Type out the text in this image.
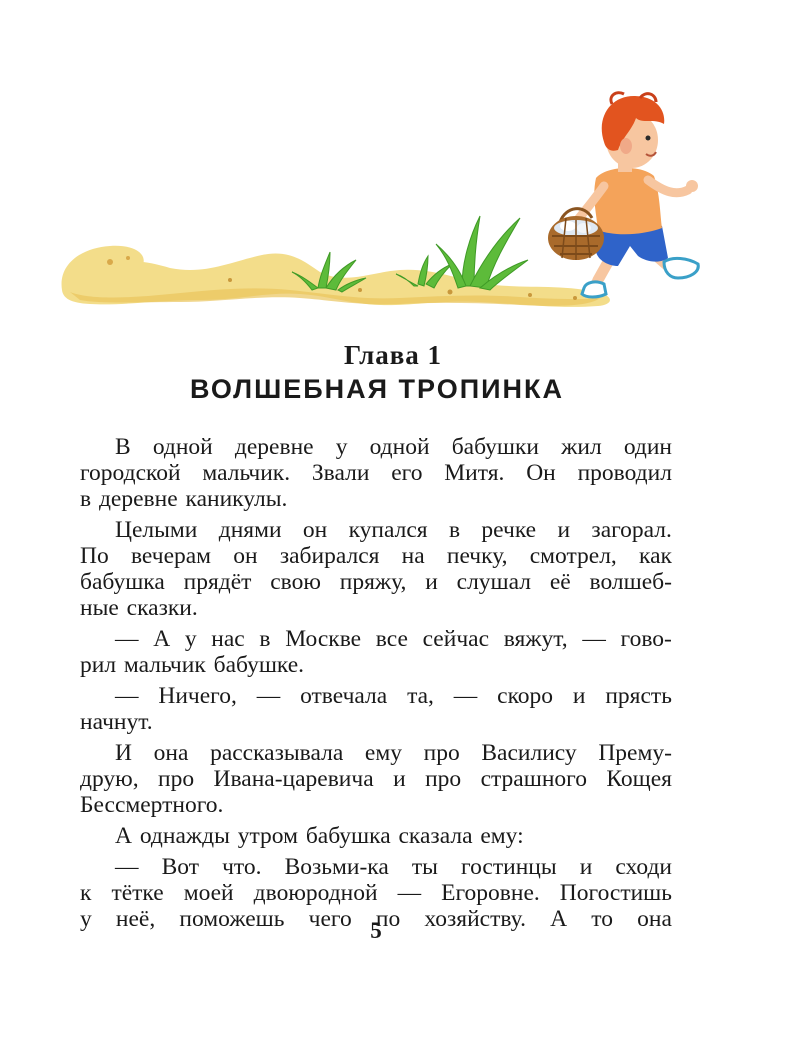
Глава 1
ВОЛШЕБНАЯ ТРОПИНКА
В одной деревне у одной бабушки жил один
городской мальчик. Звали его Митя. Он проводил
в деревне каникулы.
Целыми днями он купался в речке и загорал.
По вечерам он забирался на печку, смотрел, как
бабушка прядёт свою пряжу, и слушал её волшеб-
ные сказки.
— А у нас в Москве все сейчас вяжут, — гово-
рил мальчик бабушке.
— Ничего, — отвечала та, — скоро и прясть
начнут.
И она рассказывала ему про Василису Прему-
друю, про Ивана-царевича и про страшного Кощея
Бессмертного.
А однажды утром бабушка сказала ему:
— Вот что. Возьми-ка ты гостинцы и сходи
к тётке моей двоюродной — Егоровне. Погостишь
у неё, поможешь чего по хозяйству. А то она
5
